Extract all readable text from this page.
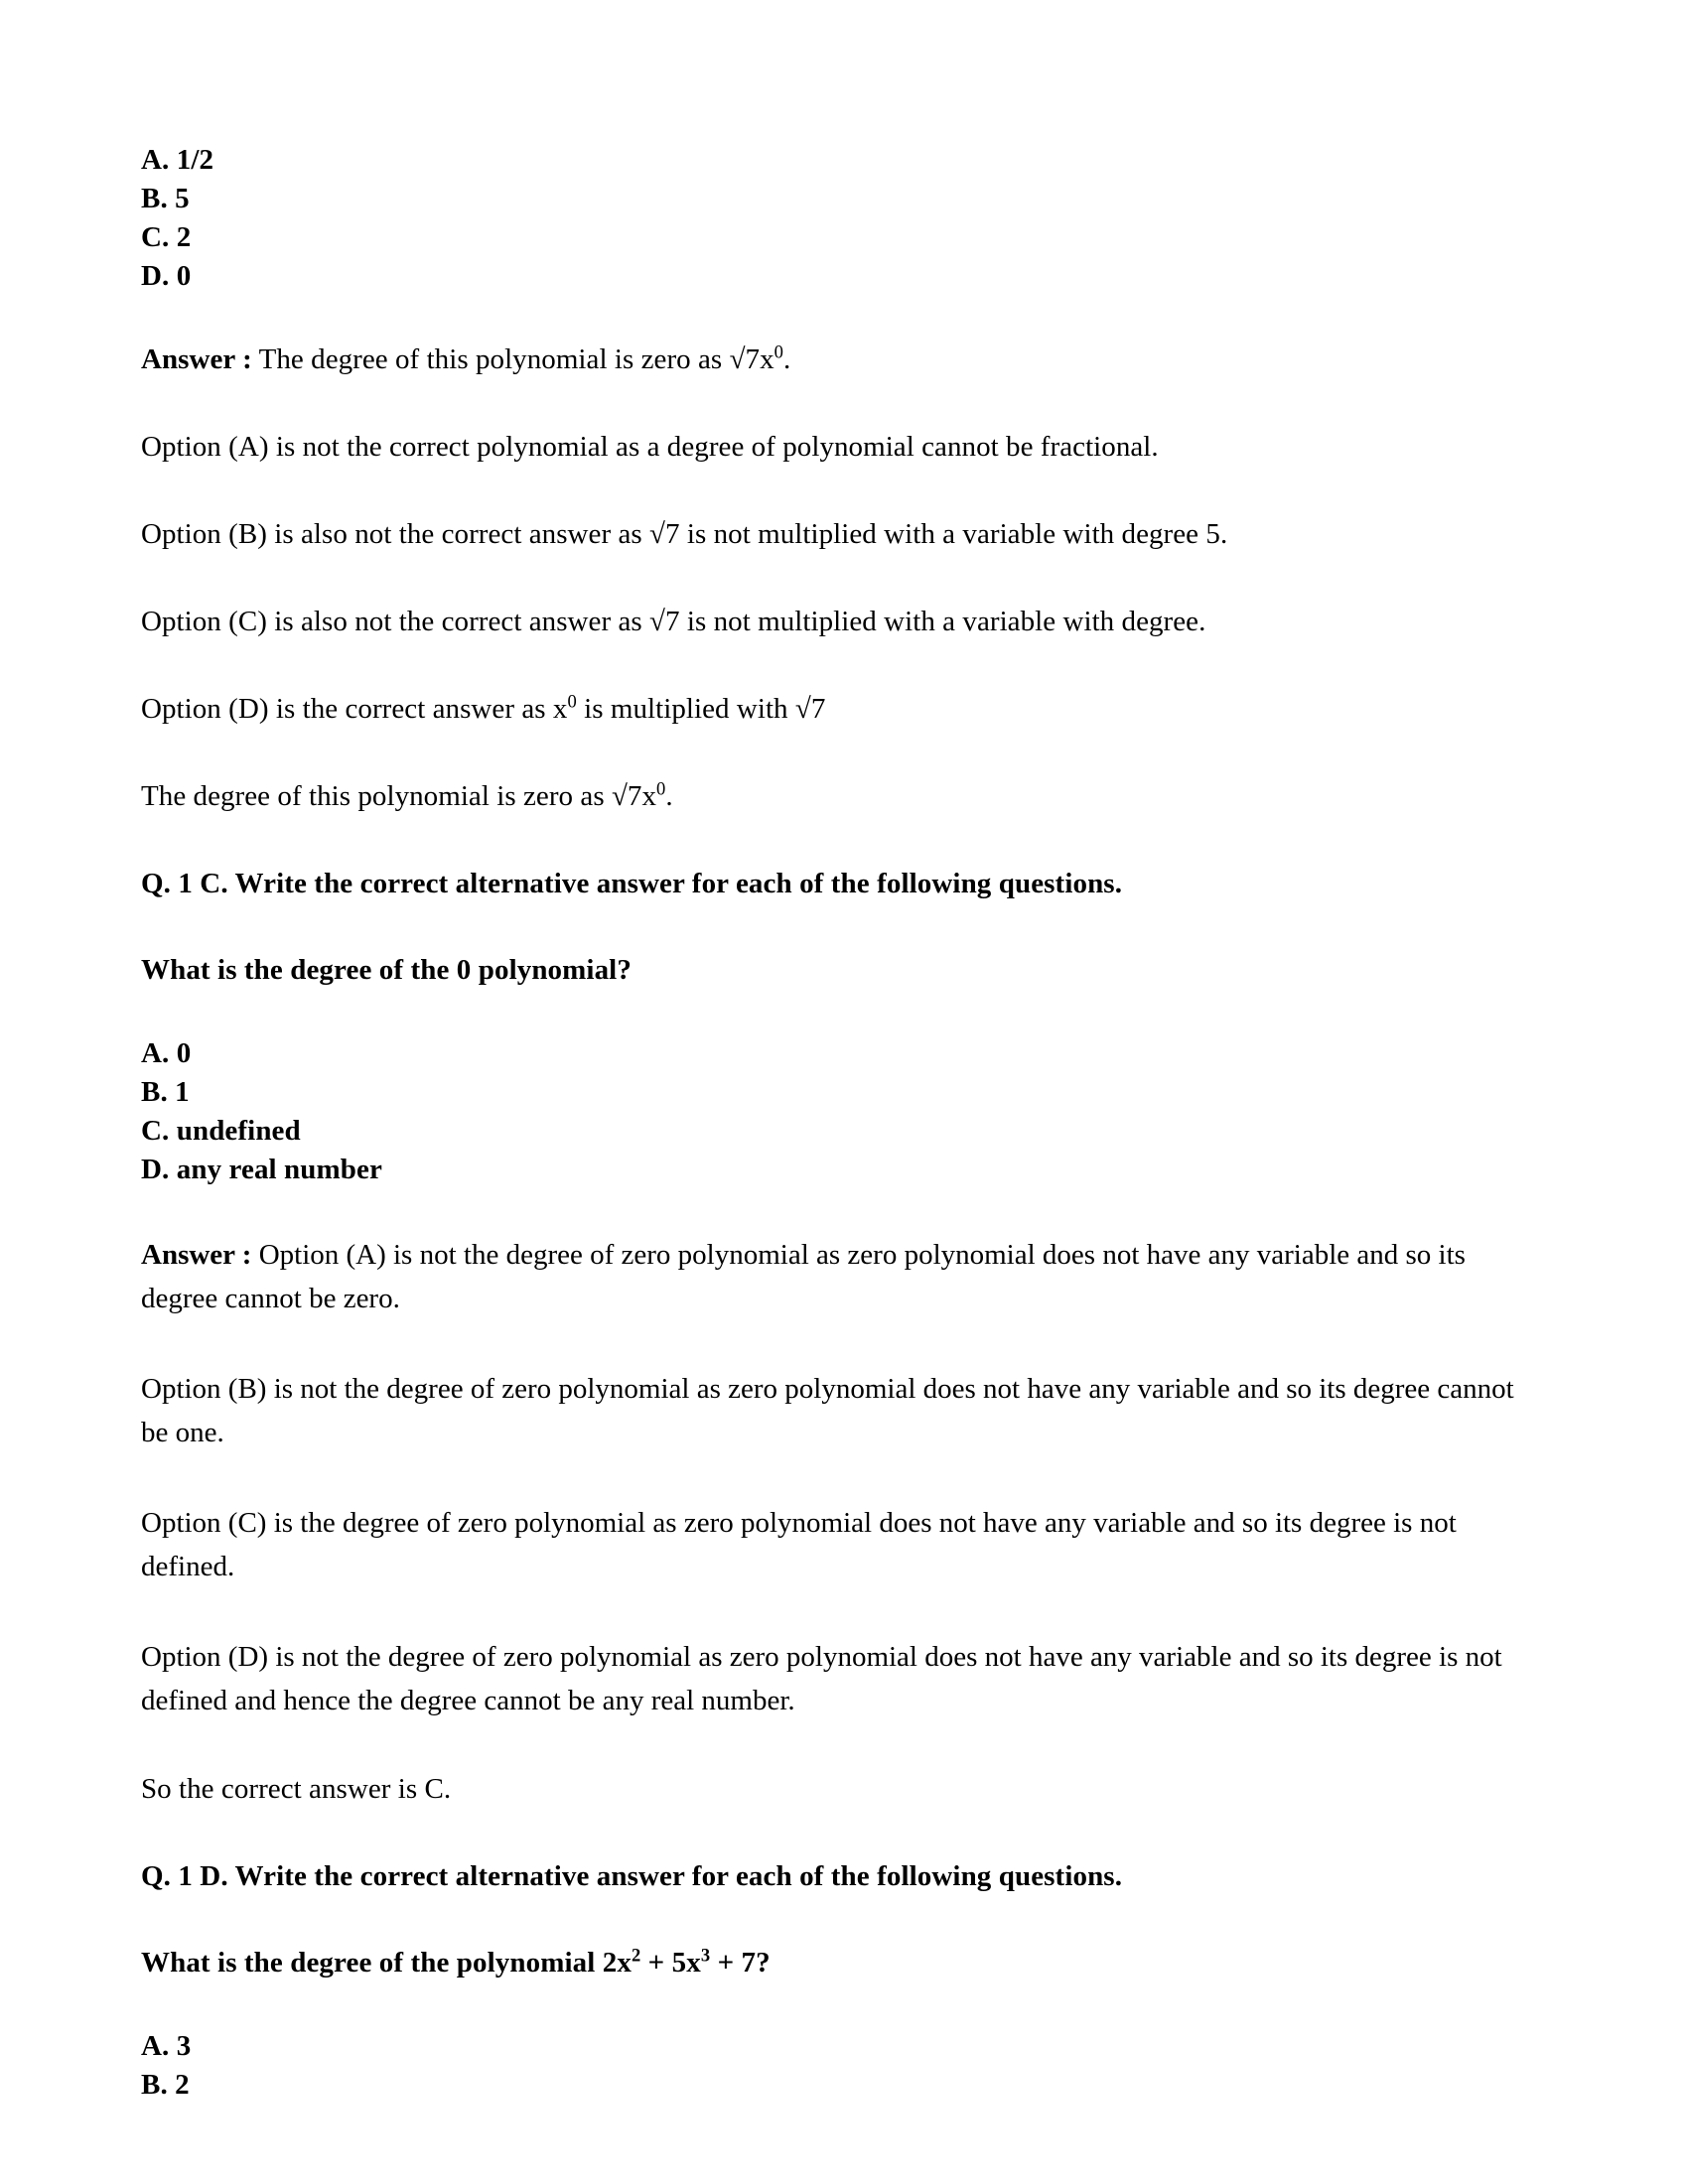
A. 1/2
B. 5
C. 2
D. 0

Answer : The degree of this polynomial is zero as $√7x^0$.

Option (A) is not the correct polynomial as a degree of polynomial cannot be fractional.

Option (B) is also not the correct answer as √7 is not multiplied with a variable with degree 5.

Option (C) is also not the correct answer as √7 is not multiplied with a variable with degree.

Option (D) is the correct answer as $x^0$ is multiplied with √7

The degree of this polynomial is zero as $√7x^0$.

Q. 1 C. Write the correct alternative answer for each of the following questions.
What is the degree of the 0 polynomial?
A. 0
B. 1
C. undefined
D. any real number

Answer : Option (A) is not the degree of zero polynomial as zero polynomial does not have any variable and so its degree cannot be zero.

Option (B) is not the degree of zero polynomial as zero polynomial does not have any variable and so its degree cannot be one.

Option (C) is the degree of zero polynomial as zero polynomial does not have any variable and so its degree is not defined.

Option (D) is not the degree of zero polynomial as zero polynomial does not have any variable and so its degree is not defined and hence the degree cannot be any real number.

So the correct answer is C.

Q. 1 D. Write the correct alternative answer for each of the following questions.
What is the degree of the polynomial $2x^2 + 5x^3 + 7$?
A. 3
B. 2
